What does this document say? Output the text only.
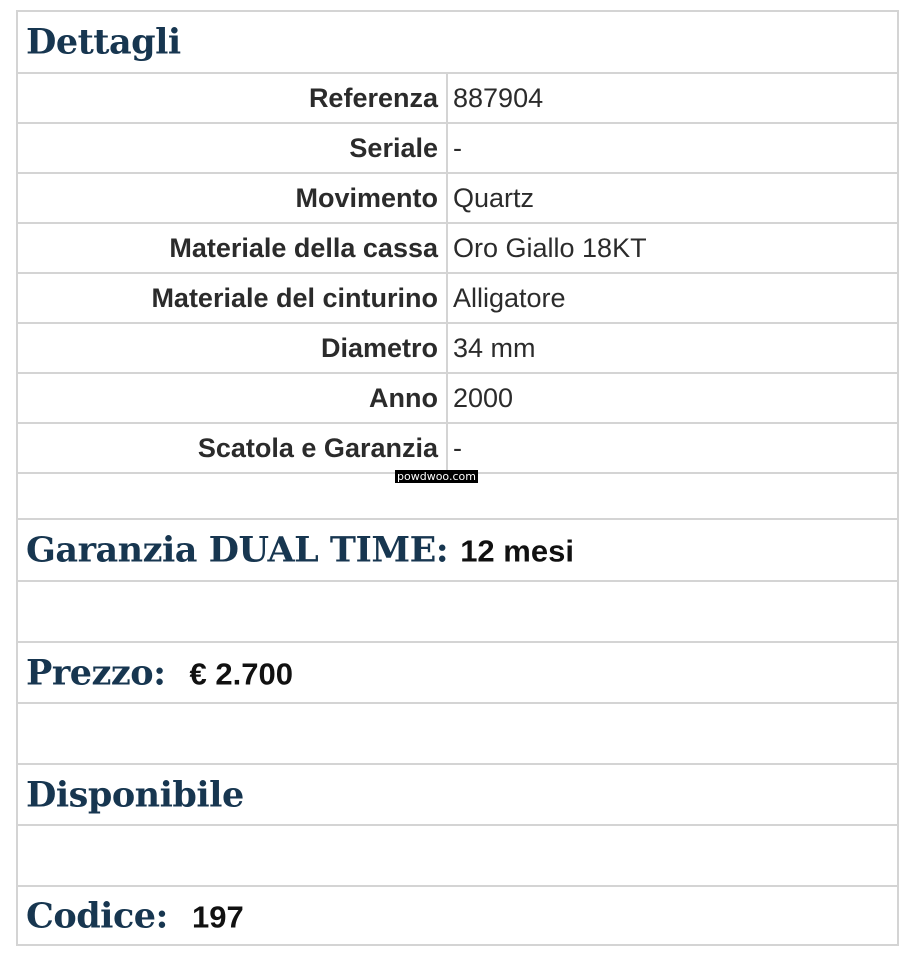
Dettagli
Referenza 887904
Seriale -
Movimento Quartz
Materiale della cassa Oro Giallo 18KT
Materiale del cinturino Alligatore
Diametro 34 mm
Anno 2000
Scatola e Garanzia -
Garanzia DUAL TIME: 12 mesi
Prezzo: € 2.700
Disponibile
Codice: 197
powdwoo.com
